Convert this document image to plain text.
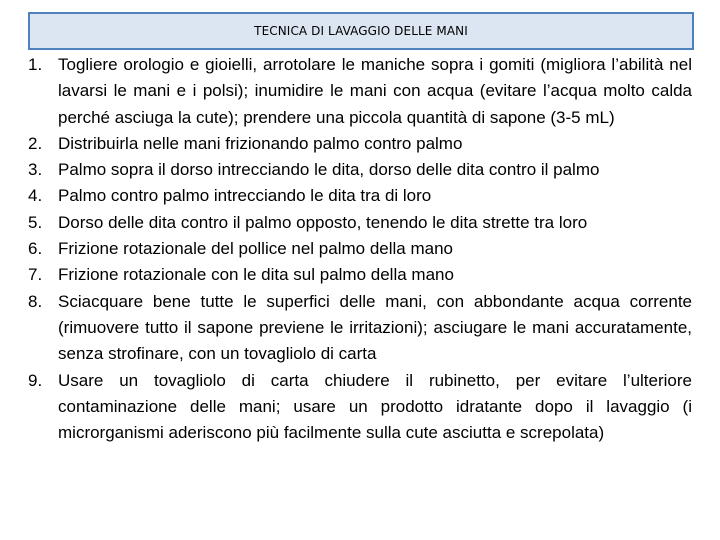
TECNICA DI LAVAGGIO DELLE MANI
1. Togliere orologio e gioielli, arrotolare le maniche sopra i gomiti (migliora l’abilità nel lavarsi le mani e i polsi); inumidire le mani con acqua (evitare l’acqua molto calda perché asciuga la cute); prendere una piccola quantità di sapone (3-5 mL)
2. Distribuirla nelle mani frizionando palmo contro palmo
3. Palmo sopra il dorso intrecciando le dita, dorso delle dita contro il palmo
4. Palmo contro palmo intrecciando le dita tra di loro
5. Dorso delle dita contro il palmo opposto, tenendo le dita strette tra loro
6. Frizione rotazionale del pollice nel palmo della mano
7. Frizione rotazionale con le dita sul palmo della mano
8. Sciacquare bene tutte le superfici delle mani, con abbondante acqua corrente (rimuovere tutto il sapone previene le irritazioni); asciugare le mani accuratamente, senza strofinare, con un tovagliolo di carta
9. Usare un tovagliolo di carta chiudere il rubinetto, per evitare l’ulteriore contaminazione delle mani; usare un prodotto idratante dopo il lavaggio (i microrganismi aderiscono più facilmente sulla cute asciutta e screpolata)
